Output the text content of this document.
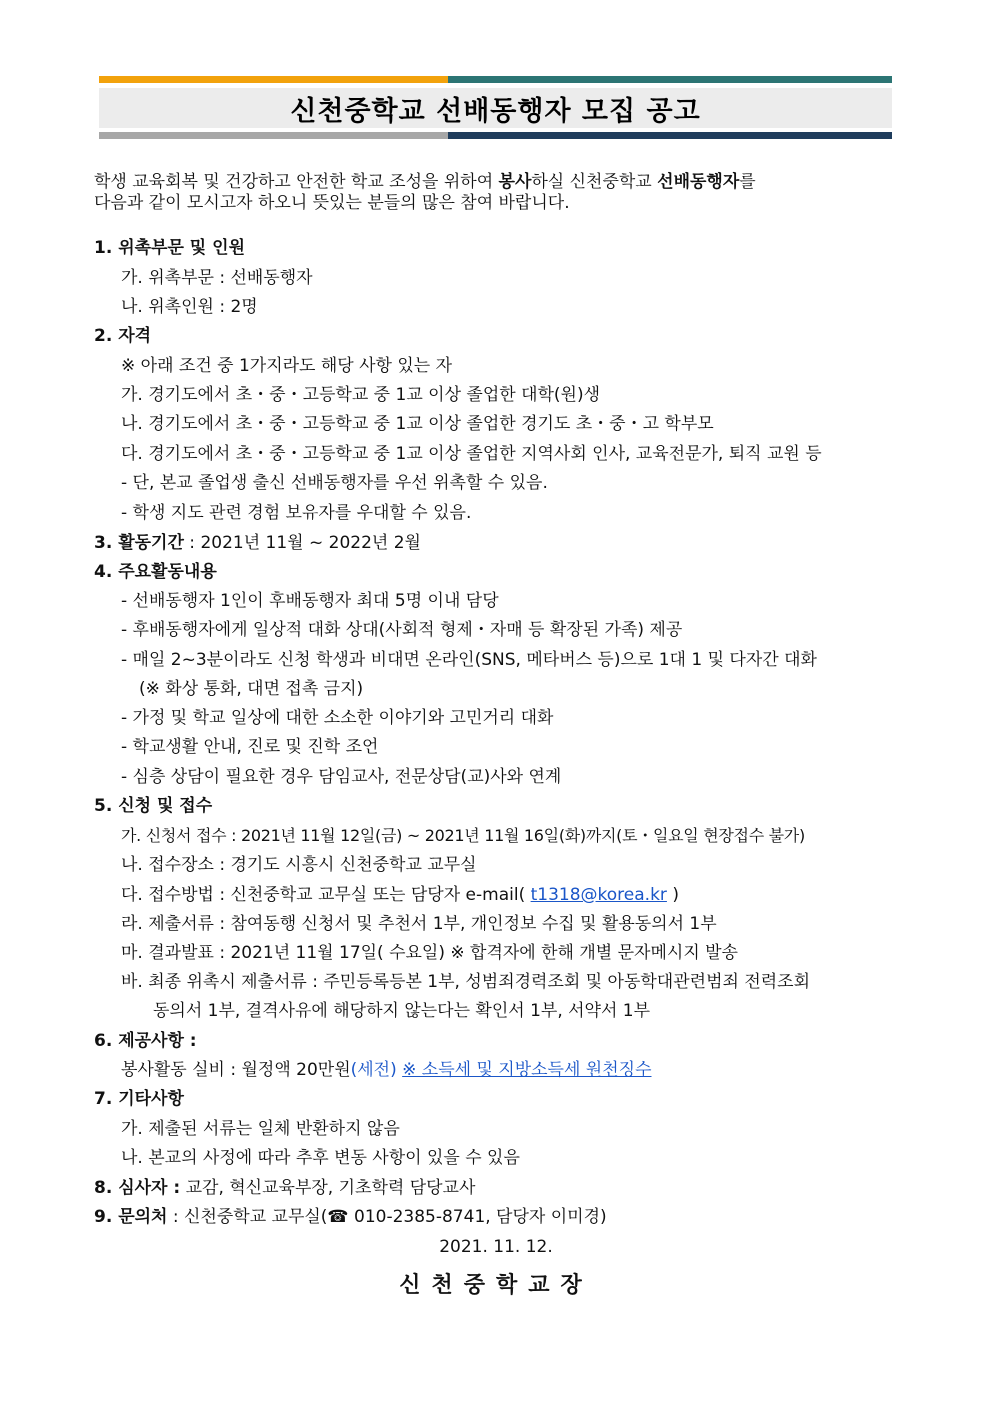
신천중학교 선배동행자 모집 공고

학생 교육회복 및 건강하고 안전한 학교 조성을 위하여 봉사하실 신천중학교 선배동행자를

다음과 같이 모시고자 하오니 뜻있는 분들의 많은 참여 바랍니다.

1. 위촉부문 및 인원
가. 위촉부문 : 선배동행자
나. 위촉인원 : 2명
2. 자격
※ 아래 조건 중 1가지라도 해당 사항 있는 자
가. 경기도에서 초・중・고등학교 중 1교 이상 졸업한 대학(원)생
나. 경기도에서 초・중・고등학교 중 1교 이상 졸업한 경기도 초・중・고 학부모
다. 경기도에서 초・중・고등학교 중 1교 이상 졸업한 지역사회 인사, 교육전문가, 퇴직 교원 등
- 단, 본교 졸업생 출신 선배동행자를 우선 위촉할 수 있음.
- 학생 지도 관련 경험 보유자를 우대할 수 있음.
3. 활동기간 : 2021년 11월 ~ 2022년 2월
4. 주요활동내용
- 선배동행자 1인이 후배동행자 최대 5명 이내 담당
- 후배동행자에게 일상적 대화 상대(사회적 형제・자매 등 확장된 가족) 제공
- 매일 2~3분이라도 신청 학생과 비대면 온라인(SNS, 메타버스 등)으로 1대 1 및 다자간 대화
(※ 화상 통화, 대면 접촉 금지)
- 가정 및 학교 일상에 대한 소소한 이야기와 고민거리 대화
- 학교생활 안내, 진로 및 진학 조언
- 심층 상담이 필요한 경우 담임교사, 전문상담(교)사와 연계
5. 신청 및 접수
가. 신청서 접수 : 2021년 11월 12일(금) ~ 2021년 11월 16일(화)까지(토・일요일 현장접수 불가)
나. 접수장소 : 경기도 시흥시 신천중학교 교무실
다. 접수방법 : 신천중학교 교무실 또는 담당자 e-mail( t1318@korea.kr )
라. 제출서류 : 참여동행 신청서 및 추천서 1부, 개인정보 수집 및 활용동의서 1부
마. 결과발표 : 2021년 11월 17일( 수요일) ※ 합격자에 한해 개별 문자메시지 발송
바. 최종 위촉시 제출서류 : 주민등록등본 1부, 성범죄경력조회 및 아동학대관련범죄 전력조회
동의서 1부, 결격사유에 해당하지 않는다는 확인서 1부, 서약서 1부
6. 제공사항 :
봉사활동 실비 : 월정액 20만원(세전) ※ 소득세 및 지방소득세 원천징수
7. 기타사항
가. 제출된 서류는 일체 반환하지 않음
나. 본교의 사정에 따라 추후 변동 사항이 있을 수 있음
8. 심사자 : 교감, 혁신교육부장, 기초학력 담당교사
9. 문의처 : 신천중학교 교무실(☎ 010-2385-8741, 담당자 이미경)
2021. 11. 12.
신천중학교장
